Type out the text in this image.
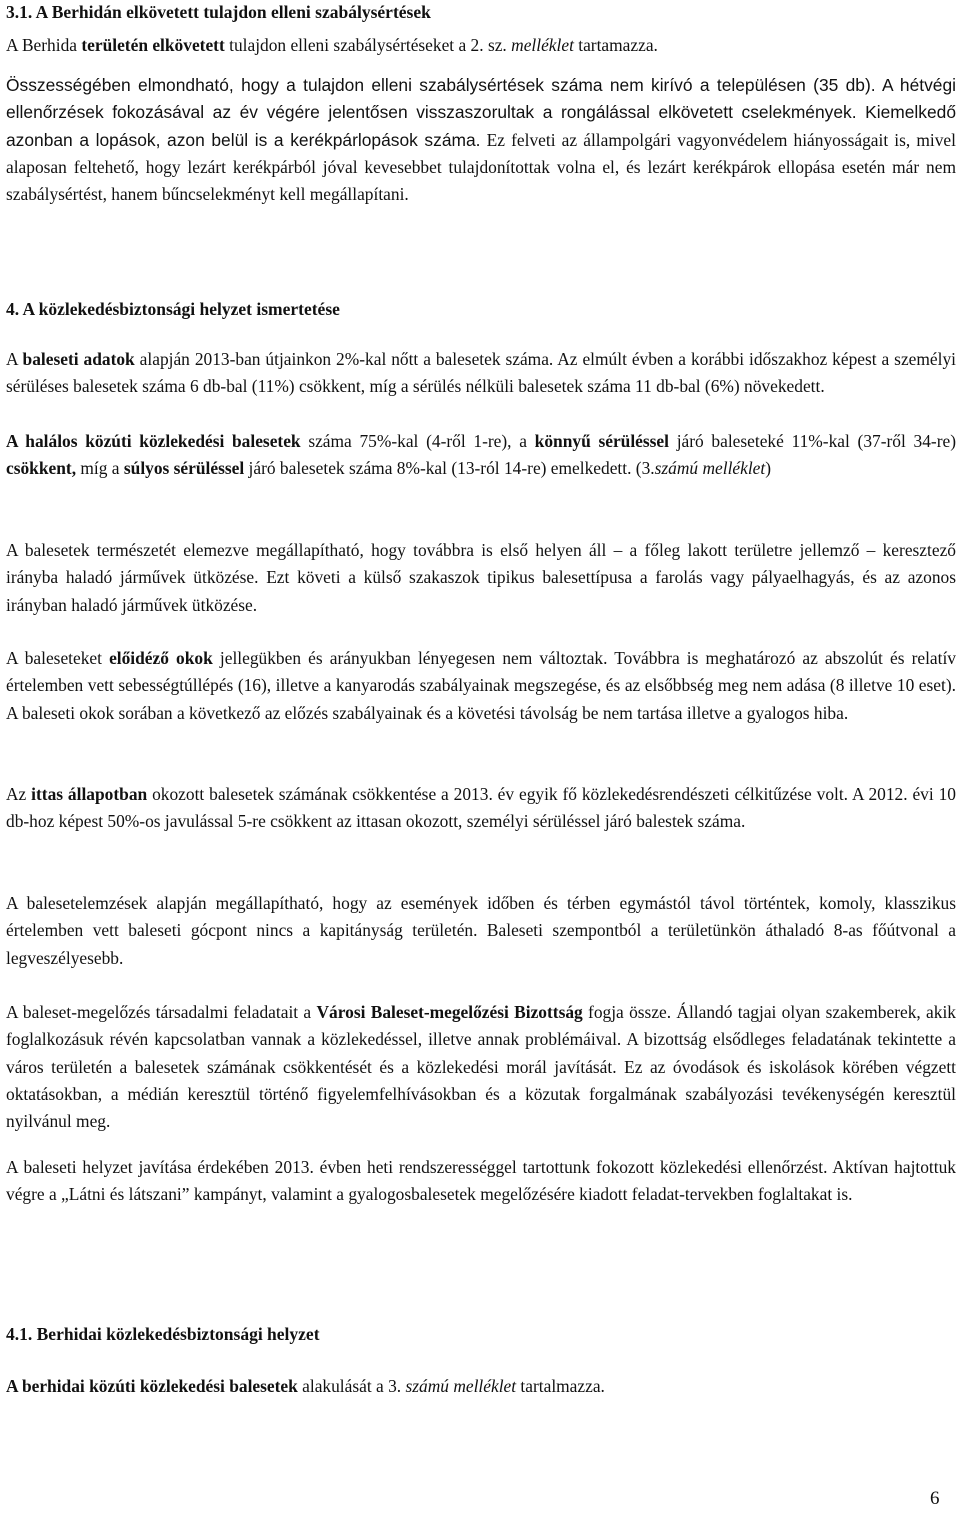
3.1. A Berhidán elkövetett tulajdon elleni szabálysértések

A Berhida területén elkövetett tulajdon elleni szabálysértéseket a 2. sz. melléklet tartamazza.

Összességében elmondható, hogy a tulajdon elleni szabálysértések száma nem kirívó a településen (35 db). A hétvégi ellenőrzések fokozásával az év végére jelentősen visszaszorultak a rongálással elkövetett cselekmények. Kiemelkedő azonban a lopások, azon belül is a kerékpárlopások száma. Ez felveti az állampolgári vagyonvédelem hiányosságait is, mivel alaposan feltehető, hogy lezárt kerékpárból jóval kevesebbet tulajdonítottak volna el, és lezárt kerékpárok ellopása esetén már nem szabálysértést, hanem bűncselekményt kell megállapítani.

4. A közlekedésbiztonsági helyzet ismertetése

A baleseti adatok alapján 2013-ban útjainkon 2%-kal nőtt a balesetek száma. Az elmúlt évben a korábbi időszakhoz képest a személyi sérüléses balesetek száma 6 db-bal (11%) csökkent, míg a sérülés nélküli balesetek száma 11 db-bal (6%) növekedett.

A halálos közúti közlekedési balesetek száma 75%-kal (4-ről 1-re), a könnyű sérüléssel járó baleseteké 11%-kal (37-ről 34-re) csökkent, míg a súlyos sérüléssel járó balesetek száma 8%-kal (13-ról 14-re) emelkedett. (3.számú melléklet)

A balesetek természetét elemezve megállapítható, hogy továbbra is első helyen áll – a főleg lakott területre jellemző – keresztező irányba haladó járművek ütközése. Ezt követi a külső szakaszok tipikus balesettípusa a farolás vagy pályaelhagyás, és az azonos irányban haladó járművek ütközése.

A baleseteket előidéző okok jellegükben és arányukban lényegesen nem változtak. Továbbra is meghatározó az abszolút és relatív értelemben vett sebességtúllépés (16), illetve a kanyarodás szabályainak megszegése, és az elsőbbség meg nem adása (8 illetve 10 eset). A baleseti okok sorában a következő az előzés szabályainak és a követési távolság be nem tartása illetve a gyalogos hiba.

Az ittas állapotban okozott balesetek számának csökkentése a 2013. év egyik fő közlekedésrendészeti célkitűzése volt. A 2012. évi 10 db-hoz képest 50%-os javulással 5-re csökkent az ittasan okozott, személyi sérüléssel járó balestek száma.

A balesetelemzések alapján megállapítható, hogy az események időben és térben egymástól távol történtek, komoly, klasszikus értelemben vett baleseti gócpont nincs a kapitányság területén. Baleseti szempontból a területünkön áthaladó 8-as főútvonal a legveszélyesebb.

A baleset-megelőzés társadalmi feladatait a Városi Baleset-megelőzési Bizottság fogja össze. Állandó tagjai olyan szakemberek, akik foglalkozásuk révén kapcsolatban vannak a közlekedéssel, illetve annak problémáival. A bizottság elsődleges feladatának tekintette a város területén a balesetek számának csökkentését és a közlekedési morál javítását. Ez az óvodások és iskolások körében végzett oktatásokban, a médián keresztül történő figyelemfelhívásokban és a közutak forgalmának szabályozási tevékenységén keresztül nyilvánul meg.

A baleseti helyzet javítása érdekében 2013. évben heti rendszerességgel tartottunk fokozott közlekedési ellenőrzést. Aktívan hajtottuk végre a „Látni és látszani” kampányt, valamint a gyalogosbalesetek megelőzésére kiadott feladat-tervekben foglaltakat is.

4.1. Berhidai közlekedésbiztonsági helyzet

A berhidai közúti közlekedési balesetek alakulását a 3. számú melléklet tartalmazza.

6
